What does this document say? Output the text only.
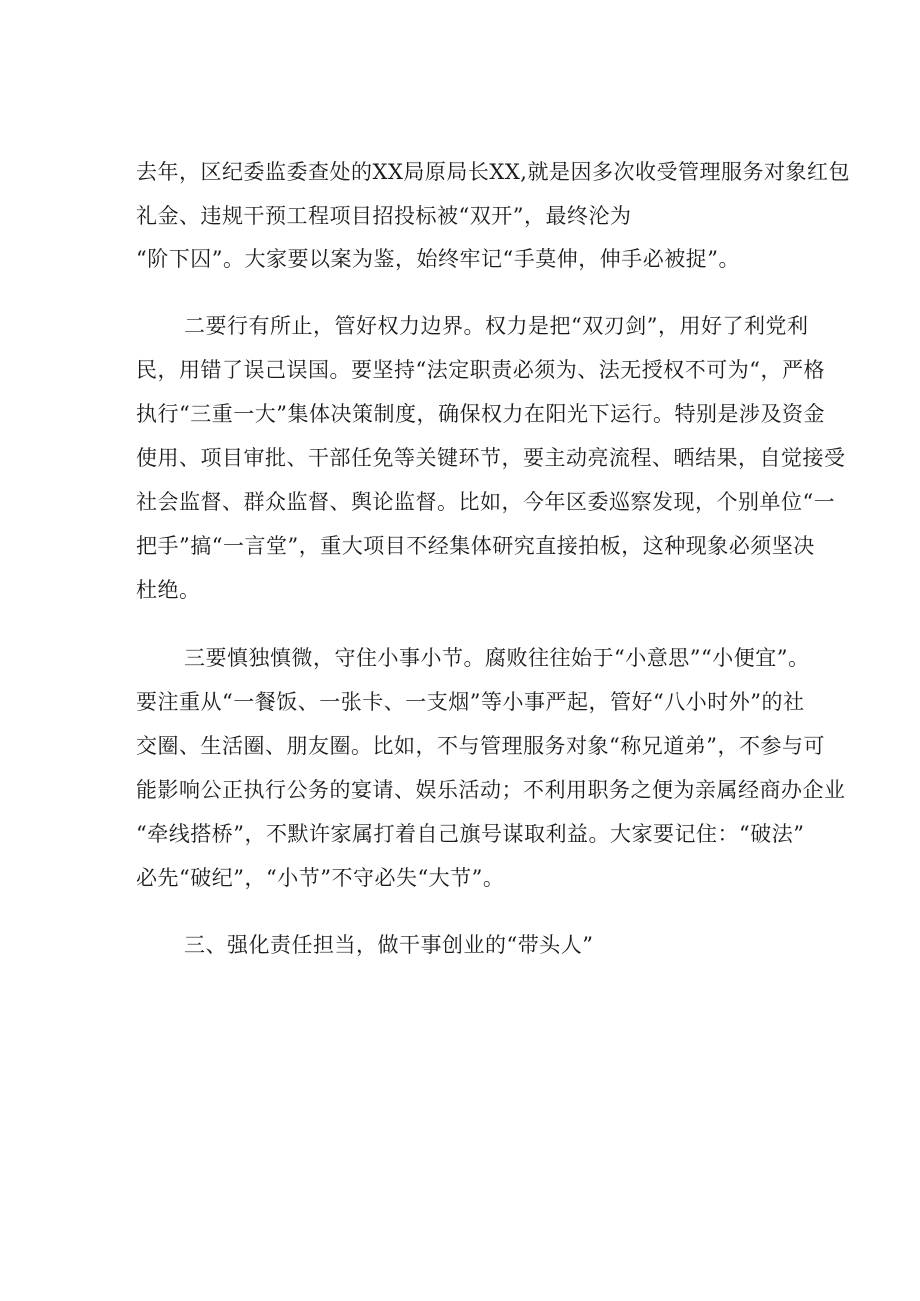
去年，区纪委监委查处的XX局原局长XX,就是因多次收受管理服务对象红包
礼金、违规干预工程项目招投标被“双开”，最终沦为
“阶下囚”。大家要以案为鉴，始终牢记“手莫伸，伸手必被捉”。
二要行有所止，管好权力边界。权力是把“双刃剑”，用好了利党利
民，用错了误己误国。要坚持“法定职责必须为、法无授权不可为“，严格
执行“三重一大”集体决策制度，确保权力在阳光下运行。特别是涉及资金
使用、项目审批、干部任免等关键环节，要主动亮流程、晒结果，自觉接受
社会监督、群众监督、舆论监督。比如，今年区委巡察发现，个别单位“一
把手”搞“一言堂”，重大项目不经集体研究直接拍板，这种现象必须坚决
杜绝。
三要慎独慎微，守住小事小节。腐败往往始于“小意思”“小便宜”。
要注重从“一餐饭、一张卡、一支烟”等小事严起，管好“八小时外”的社
交圈、生活圈、朋友圈。比如，不与管理服务对象“称兄道弟”，不参与可
能影响公正执行公务的宴请、娱乐活动；不利用职务之便为亲属经商办企业
“牵线搭桥”，不默许家属打着自己旗号谋取利益。大家要记住：“破法”
必先“破纪”，“小节”不守必失“大节”。
三、强化责任担当，做干事创业的“带头人”
